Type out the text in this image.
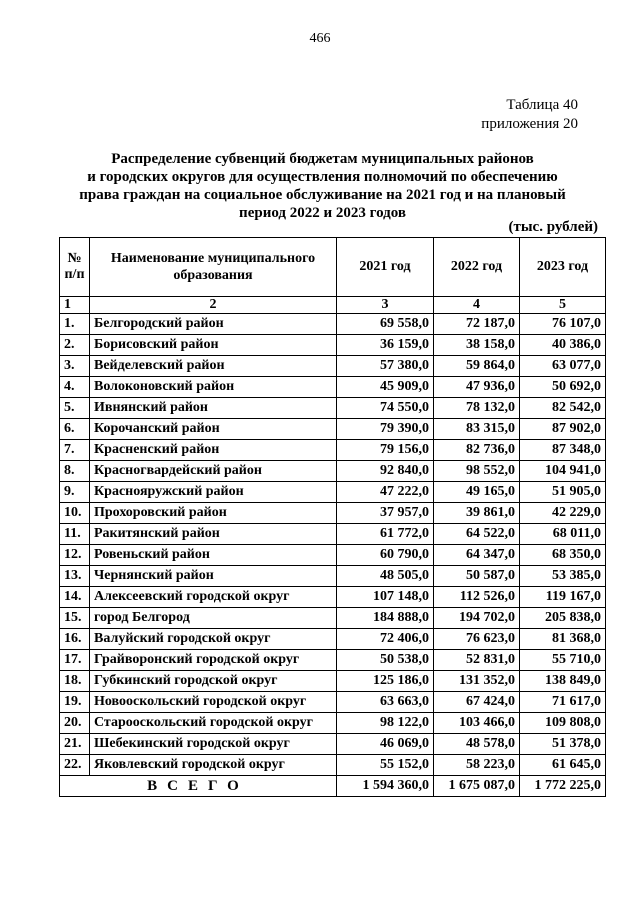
466
Таблица 40
приложения 20
Распределение субвенций бюджетам муниципальных районов
и городских округов для осуществления полномочий по обеспечению
права граждан на социальное обслуживание на 2021 год и на плановый
период 2022 и 2023 годов
(тыс. рублей)
№ п/п	Наименование муниципального образования	2021 год	2022 год	2023 год
1	2	3	4	5
1.	Белгородский район	69 558,0	72 187,0	76 107,0
2.	Борисовский район	36 159,0	38 158,0	40 386,0
3.	Вейделевский район	57 380,0	59 864,0	63 077,0
4.	Волоконовский район	45 909,0	47 936,0	50 692,0
5.	Ивнянский район	74 550,0	78 132,0	82 542,0
6.	Корочанский район	79 390,0	83 315,0	87 902,0
7.	Красненский район	79 156,0	82 736,0	87 348,0
8.	Красногвардейский район	92 840,0	98 552,0	104 941,0
9.	Краснояружский район	47 222,0	49 165,0	51 905,0
10.	Прохоровский район	37 957,0	39 861,0	42 229,0
11.	Ракитянский район	61 772,0	64 522,0	68 011,0
12.	Ровеньский район	60 790,0	64 347,0	68 350,0
13.	Чернянский район	48 505,0	50 587,0	53 385,0
14.	Алексеевский городской округ	107 148,0	112 526,0	119 167,0
15.	город Белгород	184 888,0	194 702,0	205 838,0
16.	Валуйский городской округ	72 406,0	76 623,0	81 368,0
17.	Грайворонский городской округ	50 538,0	52 831,0	55 710,0
18.	Губкинский городской округ	125 186,0	131 352,0	138 849,0
19.	Новооскольский городской округ	63 663,0	67 424,0	71 617,0
20.	Старооскольский городской округ	98 122,0	103 466,0	109 808,0
21.	Шебекинский городской округ	46 069,0	48 578,0	51 378,0
22.	Яковлевский городской округ	55 152,0	58 223,0	61 645,0
ВСЕГО		1 594 360,0	1 675 087,0	1 772 225,0
